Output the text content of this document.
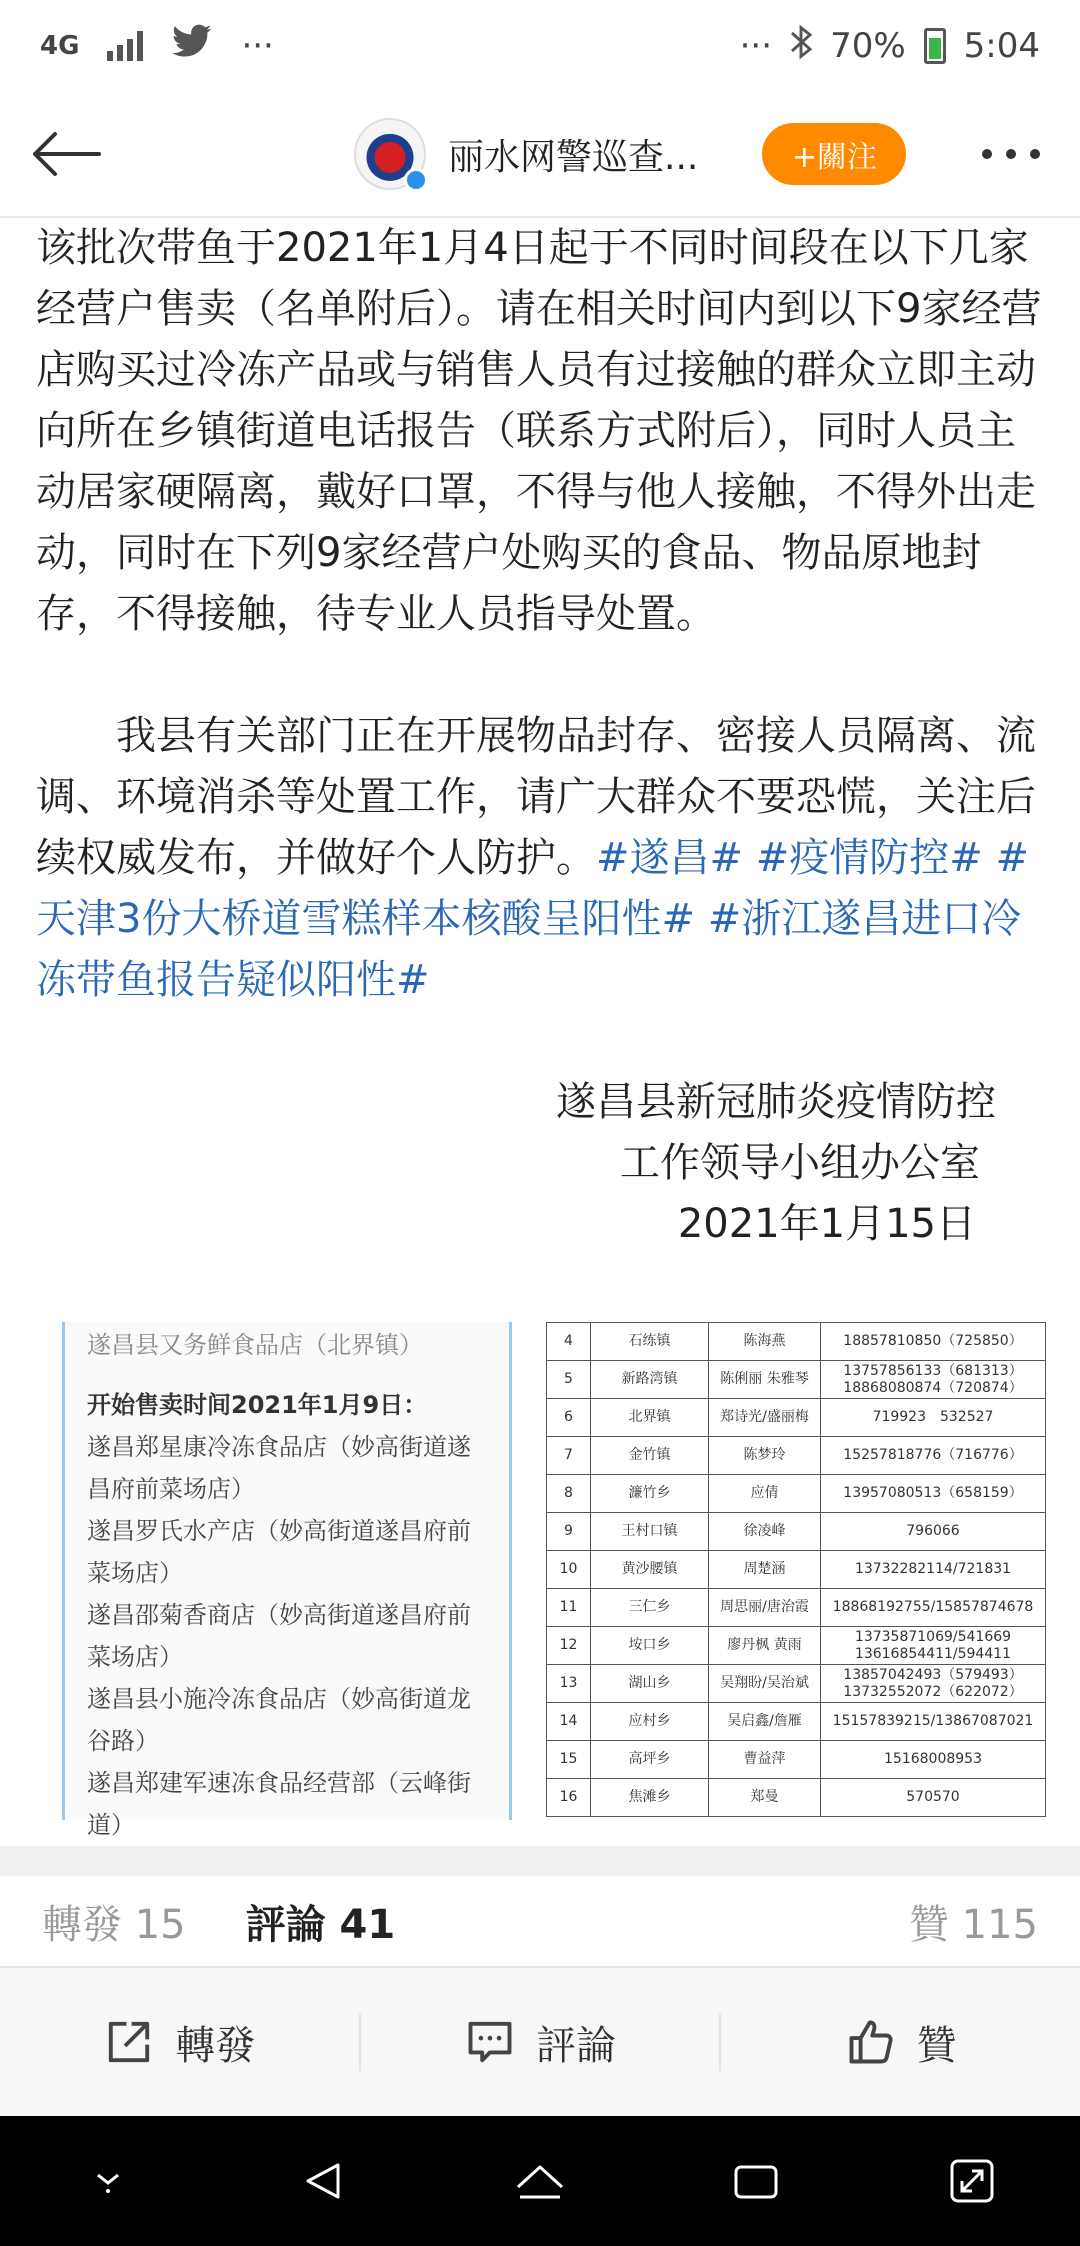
4G	···	··· 70% 5:04
丽水网警巡查...	+關注
该批次带鱼于2021年1月4日起于不同时间段在以下几家经营户售卖（名单附后）。请在相关时间内到以下9家经营店购买过冷冻产品或与销售人员有过接触的群众立即主动向所在乡镇街道电话报告（联系方式附后），同时人员主动居家硬隔离，戴好口罩，不得与他人接触，不得外出走动，同时在下列9家经营户处购买的食品、物品原地封存，不得接触，待专业人员指导处置。
我县有关部门正在开展物品封存、密接人员隔离、流调、环境消杀等处置工作，请广大群众不要恐慌，关注后续权威发布，并做好个人防护。#遂昌# #疫情防控# #天津3份大桥道雪糕样本核酸呈阳性# #浙江遂昌进口冷冻带鱼报告疑似阳性#
遂昌县新冠肺炎疫情防控
工作领导小组办公室
2021年1月15日
遂昌县又务鲜食品店（北界镇）
开始售卖时间2021年1月9日：
遂昌郑星康冷冻食品店（妙高街道遂
昌府前菜场店）
遂昌罗氏水产店（妙高街道遂昌府前
菜场店）
遂昌邵菊香商店（妙高街道遂昌府前
菜场店）
遂昌县小施冷冻食品店（妙高街道龙
谷路）
遂昌郑建军速冻食品经营部（云峰街
道）
4	石练镇	陈海燕	18857810850（725850）
5	新路湾镇	陈俐丽 朱雅琴	13757856133（681313） 18868080874（720874）
6	北界镇	郑诗光/盛丽梅	719923　532527
7	金竹镇	陈梦玲	15257818776（716776）
8	濂竹乡	应倩	13957080513（658159）
9	王村口镇	徐凌峰	796066
10	黄沙腰镇	周楚涵	13732282114/721831
11	三仁乡	周思丽/唐治霞	18868192755/15857874678
12	垵口乡	廖丹枫 黄雨	13735871069/541669 13616854411/594411
13	湖山乡	吴翔盼/吴治斌	13857042493（579493） 13732552072（622072）
14	应村乡	吴启鑫/詹雁	15157839215/13867087021
15	高坪乡	曹益萍	15168008953
16	焦滩乡	郑曼	570570
轉發 15 評論 41	贊 115
轉發	評論	贊
